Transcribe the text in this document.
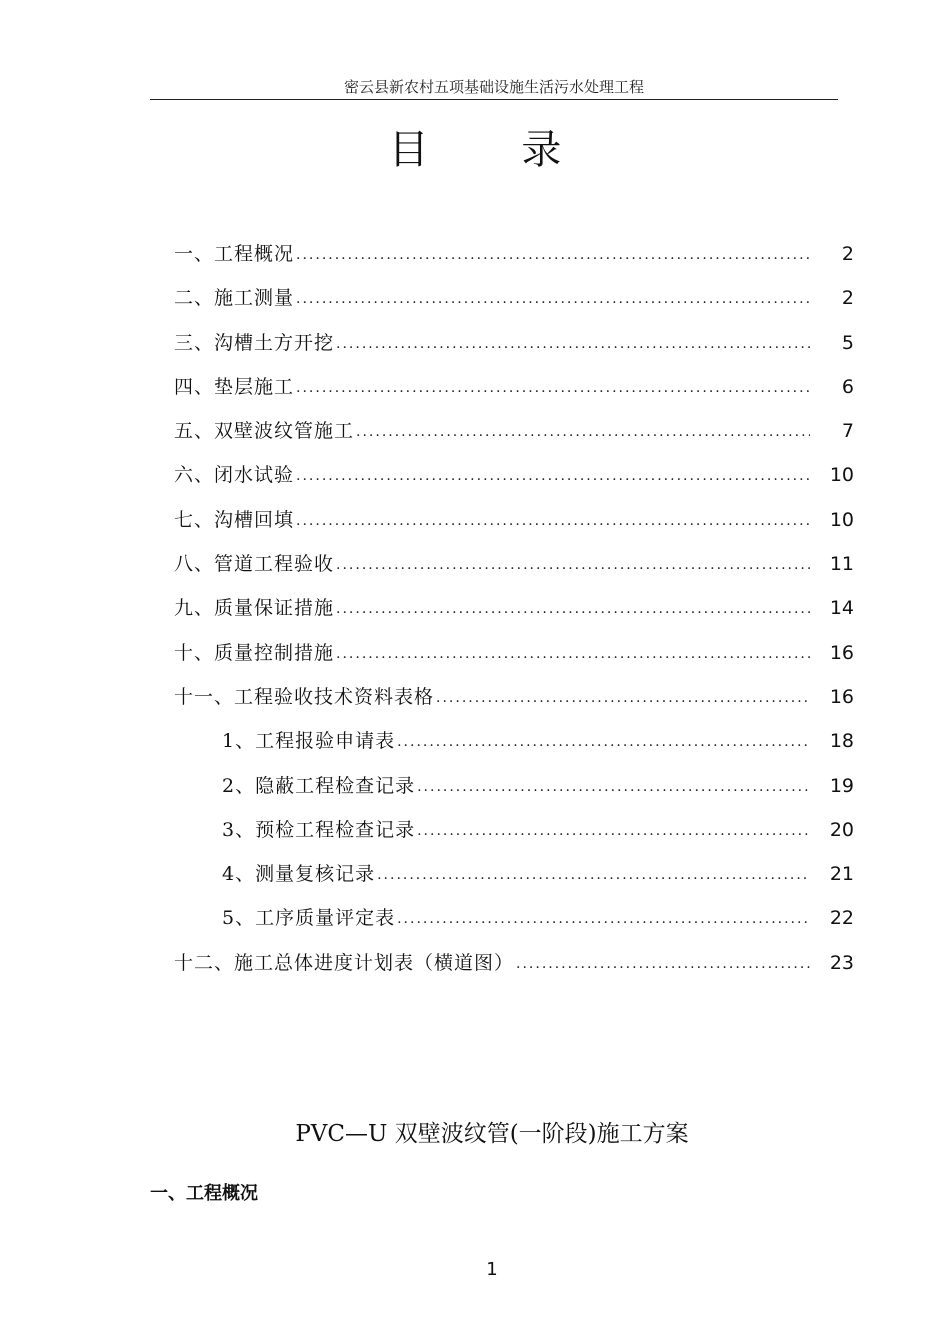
密云县新农村五项基础设施生活污水处理工程
目 录
一、工程概况 .....	2
二、施工测量 .....	2
三、沟槽土方开挖 .....	5
四、垫层施工 .....	6
五、双壁波纹管施工 .....	7
六、闭水试验 .....	10
七、沟槽回填 .....	10
八、管道工程验收 .....	11
九、质量保证措施 .....	14
十、质量控制措施 .....	16
十一、工程验收技术资料表格 .....	16
1、工程报验申请表 .....	18
2、隐蔽工程检查记录 .....	19
3、预检工程检查记录 .....	20
4、测量复核记录 .....	21
5、工序质量评定表 .....	22
十二、施工总体进度计划表（横道图） .....	23
PVC—U 双壁波纹管(一阶段)施工方案
一、工程概况
1
